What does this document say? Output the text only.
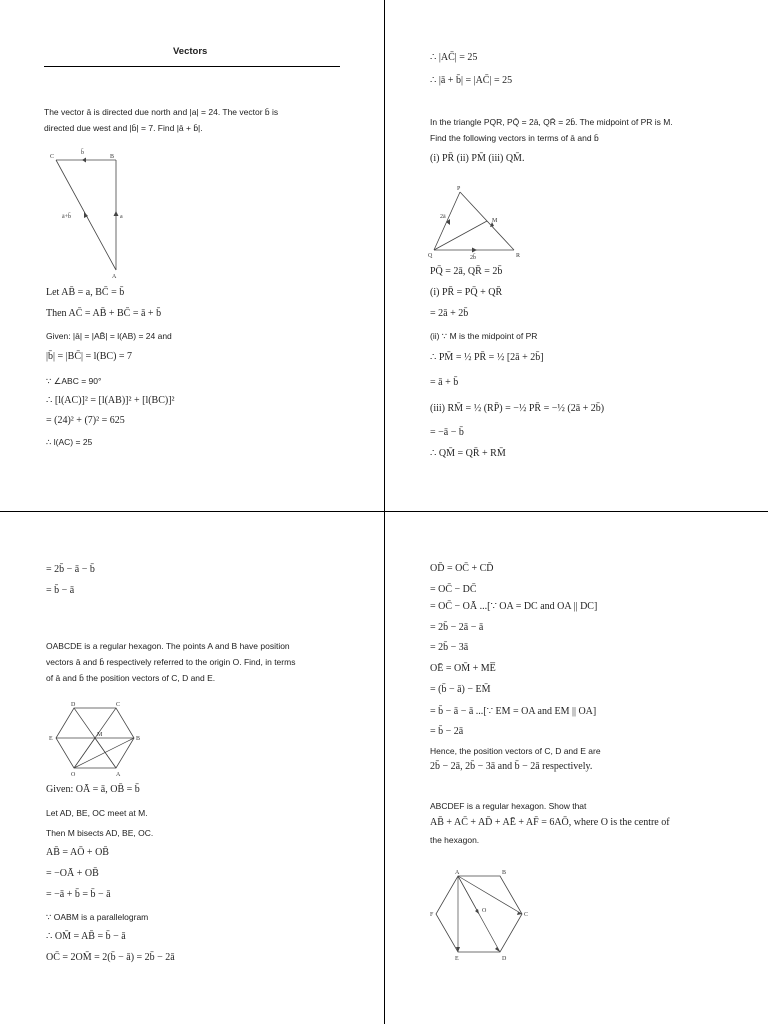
Vectors
The vector ā is directed due north and |a| = 24. The vector b̄ is
directed due west and |b̄| = 7. Find |ā + b̄|.
C	B
A
b̄
a
ā+b̄
Let AB̄ = a, BC̄ = b̄
Then AC̄ = AB̄ + BC̄ = ā + b̄
Given: |ā| = |AB̄| = l(AB) = 24 and
|b̄| = |BC̄| = l(BC) = 7
∵ ∠ABC = 90°
∴ [l(AC)]² = [l(AB)]² + [l(BC)]²
= (24)² + (7)² = 625
∴ l(AC) = 25
∴ |AC̄| = 25
∴ |ā + b̄| = |AC̄| = 25
In the triangle PQR, PQ̄ = 2ā, QR̄ = 2b̄. The midpoint of PR is M.
Find the following vectors in terms of ā and b̄
(i) PR̄ (ii) PM̄ (iii) QM̄.
P
Q	R
M
2ā
2b̄
PQ̄ = 2ā, QR̄ = 2b̄
(i) PR̄ = PQ̄ + QR̄
= 2ā + 2b̄
(ii) ∵ M is the midpoint of PR
∴ PM̄ = ½ PR̄ = ½ [2ā + 2b̄]
= ā + b̄
(iii) RM̄ = ½ (RP̄) = −½ PR̄ = −½ (2ā + 2b̄)
= −ā − b̄
∴ QM̄ = QR̄ + RM̄
= 2b̄ − ā − b̄
= b̄ − ā
OABCDE is a regular hexagon. The points A and B have position
vectors ā and b̄ respectively referred to the origin O. Find, in terms
of ā and b̄ the position vectors of C, D and E.
D	C
E	B
M
O	A
Given: OĀ = ā, OB̄ = b̄
Let AD, BE, OC meet at M.
Then M bisects AD, BE, OC.
AB̄ = AŌ + OB̄
= −OĀ + OB̄
= −ā + b̄ = b̄ − ā
∵ OABM is a parallelogram
∴ OM̄ = AB̄ = b̄ − ā
OC̄ = 2OM̄ = 2(b̄ − ā) = 2b̄ − 2ā
OD̄ = OC̄ + CD̄
= OC̄ − DC̄
= OC̄ − OĀ ...[∵ OA = DC and OA || DC]
= 2b̄ − 2ā − ā
= 2b̄ − 3ā
OĒ = OM̄ + ME̅
= (b̄ − ā) − EM̄
= b̄ − ā − ā ...[∵ EM = OA and EM || OA]
= b̄ − 2ā
Hence, the position vectors of C, D and E are
2b̄ − 2ā, 2b̄ − 3ā and b̄ − 2ā respectively.
ABCDEF is a regular hexagon. Show that
AB̄ + AC̄ + AD̄ + AĒ + AF̄ = 6AŌ, where O is the centre of
the hexagon.
A	B
C
D
E
F
O
